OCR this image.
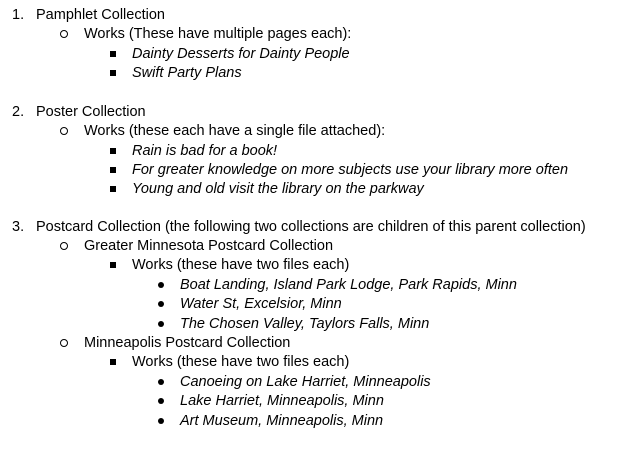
1. Pamphlet Collection
Works (These have multiple pages each):
Dainty Desserts for Dainty People
Swift Party Plans
2. Poster Collection
Works (these each have a single file attached):
Rain is bad for a book!
For greater knowledge on more subjects use your library more often
Young and old visit the library on the parkway
3. Postcard Collection (the following two collections are children of this parent collection)
Greater Minnesota Postcard Collection
Works (these have two files each)
Boat Landing, Island Park Lodge, Park Rapids, Minn
Water St, Excelsior, Minn
The Chosen Valley, Taylors Falls, Minn
Minneapolis Postcard Collection
Works (these have two files each)
Canoeing on Lake Harriet, Minneapolis
Lake Harriet, Minneapolis, Minn
Art Museum, Minneapolis, Minn
